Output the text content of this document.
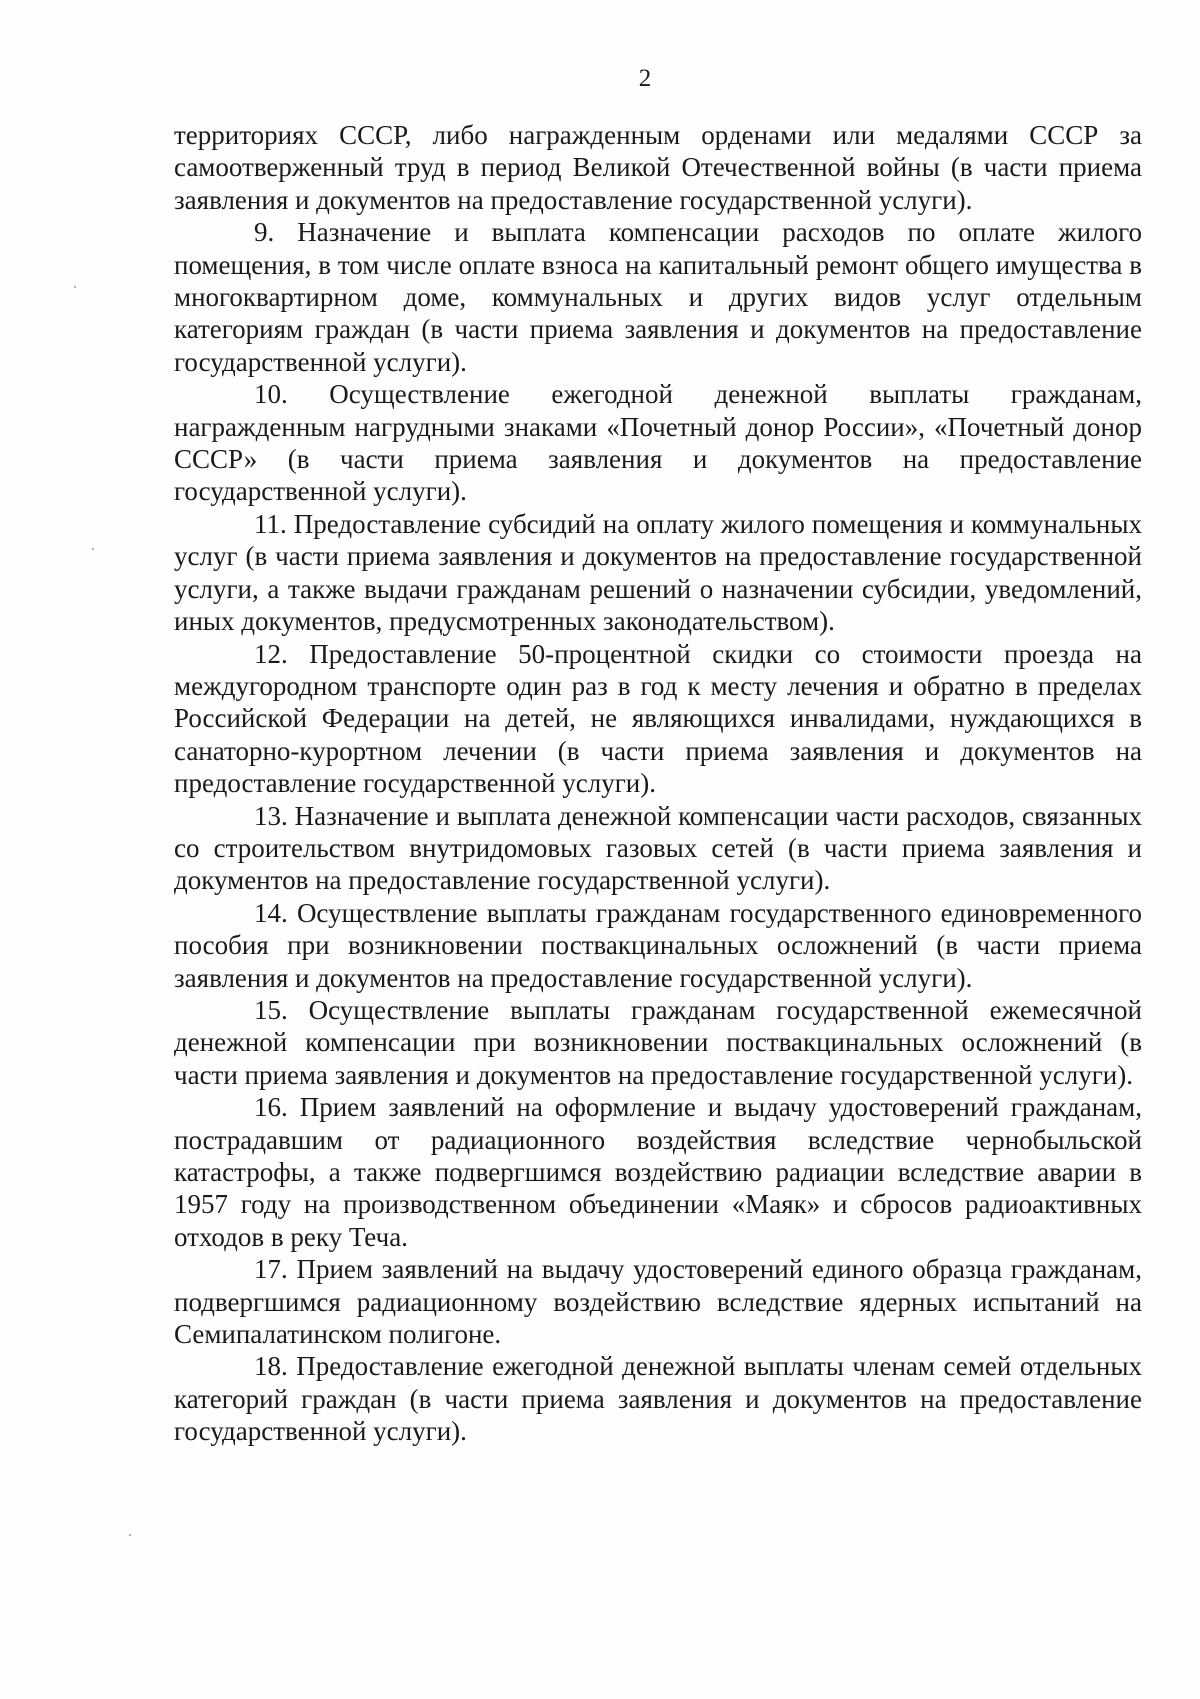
2

территориях СССР, либо награжденным орденами или медалями СССР за самоотверженный труд в период Великой Отечественной войны (в части приема заявления и документов на предоставление государственной услуги).

9. Назначение и выплата компенсации расходов по оплате жилого помещения, в том числе оплате взноса на капитальный ремонт общего имущества в многоквартирном доме, коммунальных и других видов услуг отдельным категориям граждан (в части приема заявления и документов на предоставление государственной услуги).

10. Осуществление ежегодной денежной выплаты гражданам, награжденным нагрудными знаками «Почетный донор России», «Почетный донор СССР» (в части приема заявления и документов на предоставление государственной услуги).

11. Предоставление субсидий на оплату жилого помещения и коммунальных услуг (в части приема заявления и документов на предоставление государственной услуги, а также выдачи гражданам решений о назначении субсидии, уведомлений, иных документов, предусмотренных законодательством).

12. Предоставление 50-процентной скидки со стоимости проезда на междугородном транспорте один раз в год к месту лечения и обратно в пределах Российской Федерации на детей, не являющихся инвалидами, нуждающихся в санаторно-курортном лечении (в части приема заявления и документов на предоставление государственной услуги).

13. Назначение и выплата денежной компенсации части расходов, связанных со строительством внутридомовых газовых сетей (в части приема заявления и документов на предоставление государственной услуги).

14. Осуществление выплаты гражданам государственного единовременного пособия при возникновении поствакцинальных осложнений (в части приема заявления и документов на предоставление государственной услуги).

15. Осуществление выплаты гражданам государственной ежемесячной денежной компенсации при возникновении поствакцинальных осложнений (в части приема заявления и документов на предоставление государственной услуги).

16. Прием заявлений на оформление и выдачу удостоверений гражданам, пострадавшим от радиационного воздействия вследствие чернобыльской катастрофы, а также подвергшимся воздействию радиации вследствие аварии в 1957 году на производственном объединении «Маяк» и сбросов радиоактивных отходов в реку Теча.

17. Прием заявлений на выдачу удостоверений единого образца гражданам, подвергшимся радиационному воздействию вследствие ядерных испытаний на Семипалатинском полигоне.

18. Предоставление ежегодной денежной выплаты членам семей отдельных категорий граждан (в части приема заявления и документов на предоставление государственной услуги).
